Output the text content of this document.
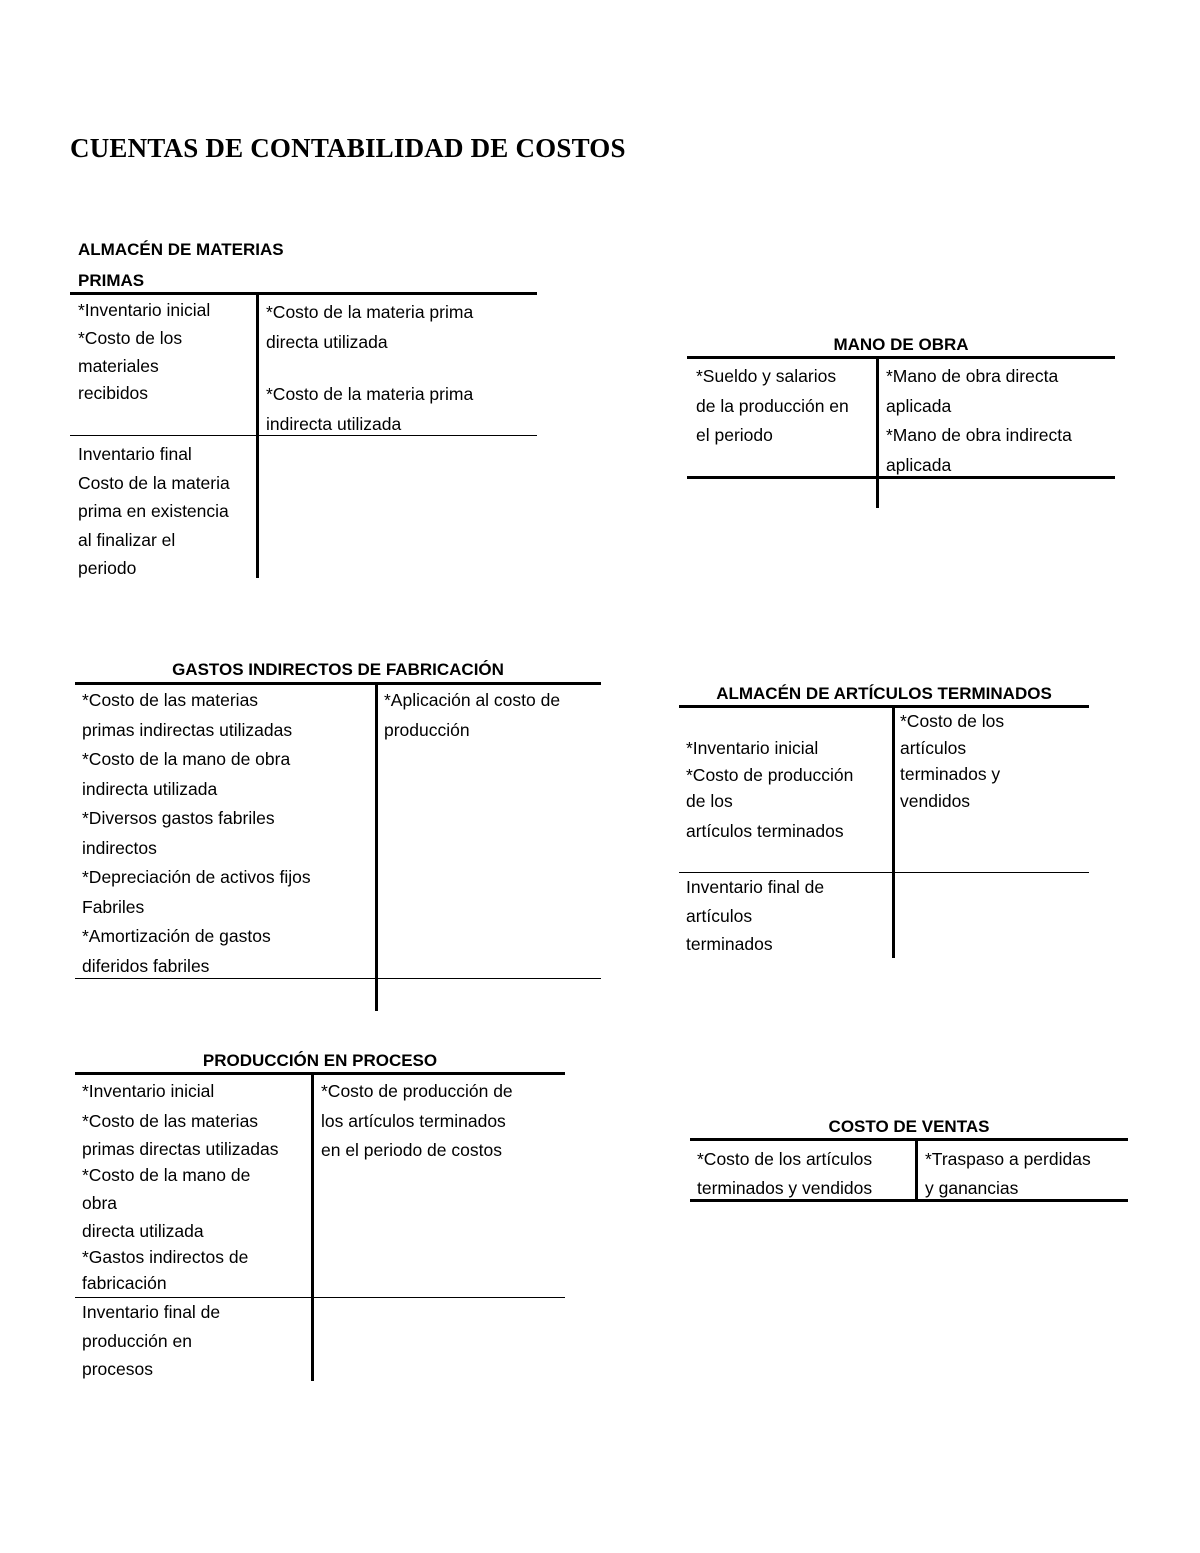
CUENTAS DE CONTABILIDAD DE COSTOS
ALMACÉN DE MATERIAS
PRIMAS
*Inventario inicial
*Costo de los
materiales
recibidos
*Costo de la materia prima
directa utilizada
*Costo de la materia prima
indirecta utilizada
Inventario final
Costo de la materia
prima en existencia
al finalizar el
periodo
MANO DE OBRA
*Sueldo y salarios
de la producción en
el periodo
*Mano de obra directa
aplicada
*Mano de obra indirecta
aplicada
GASTOS INDIRECTOS DE FABRICACIÓN
*Costo de las materias
primas indirectas utilizadas
*Costo de la mano de obra
indirecta utilizada
*Diversos gastos fabriles
indirectos
*Depreciación de activos fijos
Fabriles
*Amortización de gastos
diferidos fabriles
*Aplicación al costo de
producción
ALMACÉN DE ARTÍCULOS TERMINADOS
*Inventario inicial
*Costo de producción
de los
artículos terminados
*Costo de los
artículos
terminados y
vendidos
Inventario final de
artículos
terminados
PRODUCCIÓN EN PROCESO
*Inventario inicial
*Costo de las materias
primas directas utilizadas
*Costo de la mano de
obra
directa utilizada
*Gastos indirectos de
fabricación
*Costo de producción de
los artículos terminados
en el periodo de costos
Inventario final de
producción en
procesos
COSTO DE VENTAS
*Costo de los artículos
terminados y vendidos
*Traspaso a perdidas
y ganancias
